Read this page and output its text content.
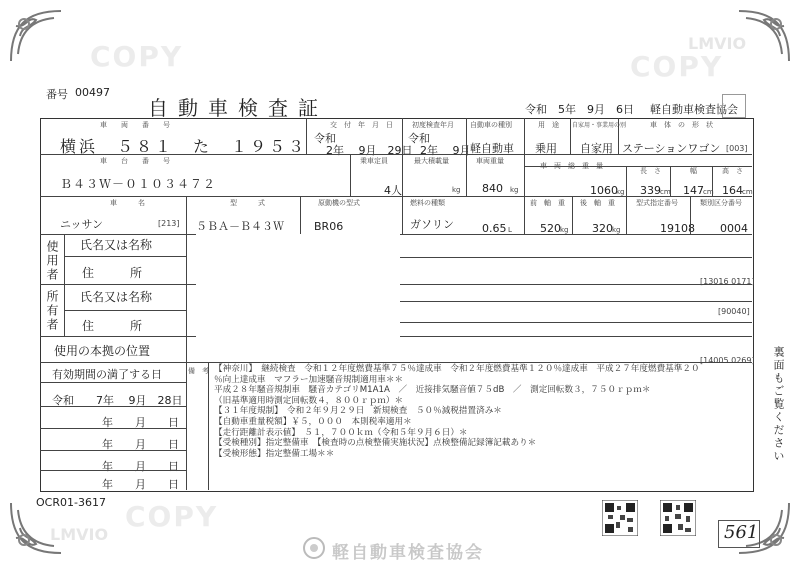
COPY	COPY
LMVIO
COPY
LMVIO
番号 00497
自動車検査証	令和　5年　9月　6日 軽自動車検査協会
車　　両　　番　　号
横浜　５８１　た　１９５３
交　付　年　月　日
令和
2年　 9月　29日
初度検査年月
令和
2年　 9月
自動車の種別
軽自動車
用　途
乗用
自家用・事業用の別
自家用
車　体　の　形　状
ステーションワゴン [003]
車　　台　　番　　号
Ｂ４３Ｗ－０１０３４７２
乗車定員
4人
最大積載量
kg
車両重量
840 kg
車　両　総　重　量
1060
kg
長　さ
339 cm
幅
147 cm
高　さ
164 cm
車　　　名
ニッサン	[213]
型　　　式
５ＢＡ－Ｂ４３Ｗ
原動機の型式
BR06
燃料の種類
ガソリン	0.65 L
前　軸　重
520 kg
後　軸　重
320 kg
型式指定番号
19108
類別区分番号
0004
使用者 氏名又は名称
住　　　所
[13016 0171]
所有者 氏名又は名称
住　　　所
[90040]
使用の本拠の位置
[14005 0269]
有効期間の満了する日
令和 7年　 9月　28日
年　　月　　日
年　　月　　日
年　　月　　日
年　　月　　日
備　考 【神奈川】　継続検査　令和１２年度燃費基準７５％達成車　令和２年度燃費基準１２０％達成車　平成２７年度燃費基準２０
％向上達成車　マフラー加速騒音規制適用車＊＊
平成２８年騒音規制車　騒音カテゴリM1A1A　／　近接排気騒音値７５dB　／　測定回転数３，７５０ｒｐｍ＊
（旧基準適用時測定回転数４，８００ｒｐｍ）＊
【３１年度規制】　令和２年９月２９日　新規検査　５０％減税措置済み＊
【自動車重量税額】￥５，０００　本則税率適用＊
【走行距離計表示値】　５１，７００ｋｍ（令和５年９月６日）＊
【受検種別】指定整備車　【検査時の点検整備実施状況】点検整備記録簿記載あり＊
【受検形態】指定整備工場＊＊	裏面もご覧ください
OCR01-3617
561
軽自動車検査協会
